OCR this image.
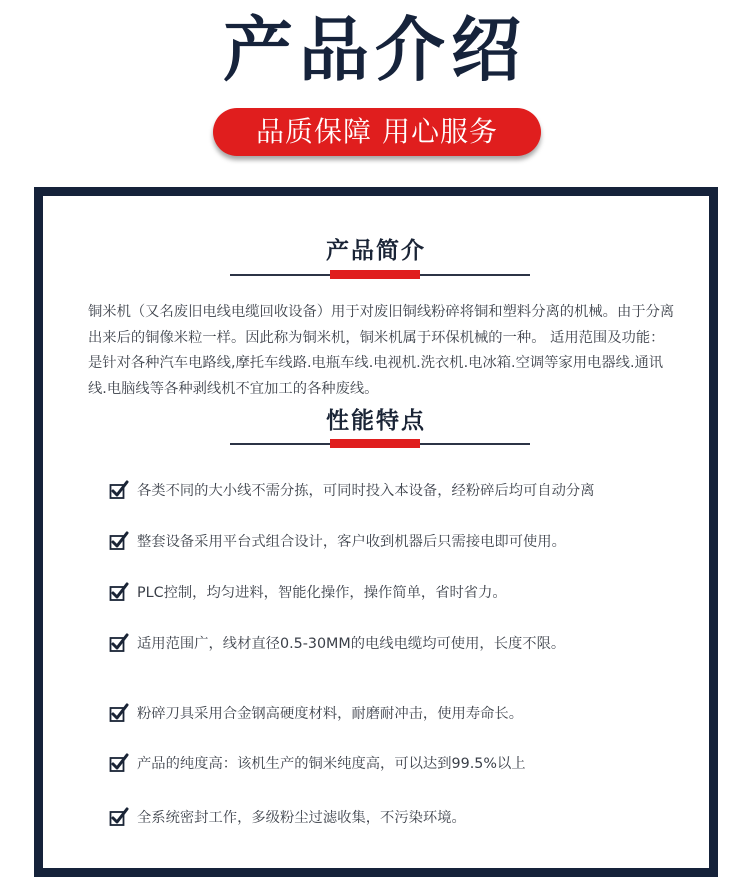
产品介绍
品质保障 用心服务
产品简介
铜米机（又名废旧电线电缆回收设备）用于对废旧铜线粉碎将铜和塑料分离的机械。由于分离出来后的铜像米粒一样。因此称为铜米机，铜米机属于环保机械的一种。 适用范围及功能：是针对各种汽车电路线,摩托车线路.电瓶车线.电视机.洗衣机.电冰箱.空调等家用电器线.通讯线.电脑线等各种剥线机不宜加工的各种废线。
性能特点
各类不同的大小线不需分拣，可同时投入本设备，经粉碎后均可自动分离
整套设备采用平台式组合设计，客户收到机器后只需接电即可使用。
PLC控制，均匀进料，智能化操作，操作简单，省时省力。
适用范围广，线材直径0.5-30MM的电线电缆均可使用，长度不限。
粉碎刀具采用合金钢高硬度材料，耐磨耐冲击，使用寿命长。
产品的纯度高：该机生产的铜米纯度高，可以达到99.5%以上
全系统密封工作，多级粉尘过滤收集，不污染环境。
